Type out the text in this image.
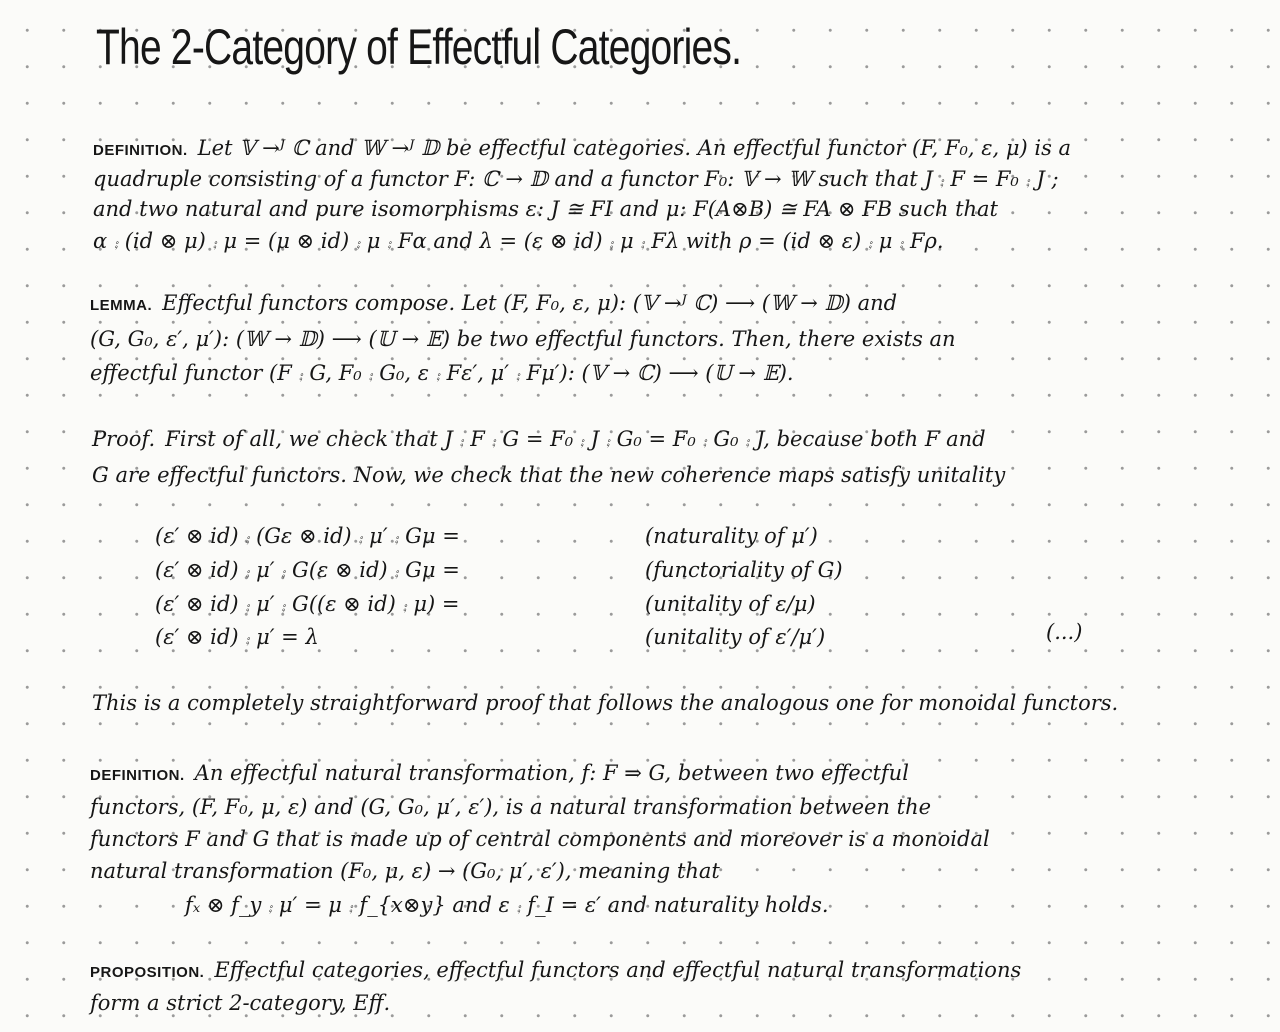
The 2-Category of Effectful Categories.
DEFINITION. Let 𝕍 →ᴶ ℂ and 𝕎 →ᴶ 𝔻 be effectful categories. An effectful functor (F, F₀, ε, μ) is a
quadruple consisting of a functor F: ℂ → 𝔻 and a functor F₀: 𝕍 → 𝕎 such that J ⨾ F = F₀ ⨾ J ;
and two natural and pure isomorphisms ε: J ≅ FI and μ: F(A⊗B) ≅ FA ⊗ FB such that
α ⨾ (id ⊗ μ) ⨾ μ = (μ ⊗ id) ⨾ μ ⨾ Fα and λ = (ε ⊗ id) ⨾ μ ⨾ Fλ with ρ = (id ⊗ ε) ⨾ μ ⨾ Fρ.
LEMMA. Effectful functors compose. Let (F, F₀, ε, μ): (𝕍 →ᴶ ℂ) ⟶ (𝕎 → 𝔻) and
(G, G₀, ε′, μ′): (𝕎 → 𝔻) ⟶ (𝕌 → 𝔼) be two effectful functors. Then, there exists an
effectful functor (F ⨾ G, F₀ ⨾ G₀, ε ⨾ Fε′, μ′ ⨾ Fμ′): (𝕍 → ℂ) ⟶ (𝕌 → 𝔼).
Proof. First of all, we check that J ⨾ F ⨾ G = F₀ ⨾ J ⨾ G₀ = F₀ ⨾ G₀ ⨾ J, because both F and
G are effectful functors. Now, we check that the new coherence maps satisfy unitality
(ε′ ⊗ id) ⨾ (Gε ⊗ id) ⨾ μ′ ⨾ Gμ =	(naturality of μ′)
(ε′ ⊗ id) ⨾ μ′ ⨾ G(ε ⊗ id) ⨾ Gμ =	(functoriality of G)
(ε′ ⊗ id) ⨾ μ′ ⨾ G((ε ⊗ id) ⨾ μ) =	(unitality of ε/μ)
(ε′ ⊗ id) ⨾ μ′ = λ	(unitality of ε′/μ′)	(...)
This is a completely straightforward proof that follows the analogous one for monoidal functors.
DEFINITION. An effectful natural transformation, f: F ⇒ G, between two effectful
functors, (F, F₀, μ, ε) and (G, G₀, μ′, ε′), is a natural transformation between the
functors F and G that is made up of central components and moreover is a monoidal
natural transformation (F₀, μ, ε) → (G₀, μ′, ε′), meaning that
fₓ ⊗ f_y ⨾ μ′ = μ ⨾ f_{x⊗y} and ε ⨾ f_I = ε′ and naturality holds.
PROPOSITION. Effectful categories, effectful functors and effectful natural transformations
form a strict 2-category, Eff.
